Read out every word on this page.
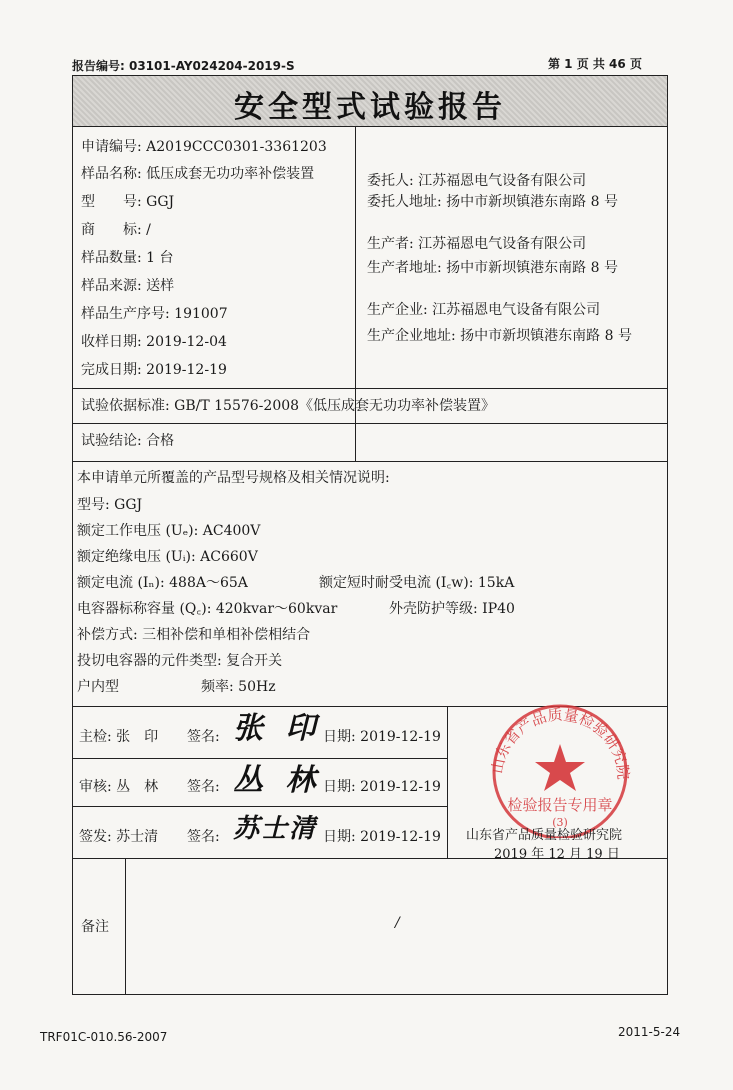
报告编号: 03101-AY024204-2019-S	第 1 页 共 46 页
安全型式试验报告
申请编号: A2019CCC0301-3361203
样品名称: 低压成套无功功率补偿装置
型　　号: GGJ
商　　标: /
样品数量: 1 台
样品来源: 送样
样品生产序号: 191007
收样日期: 2019-12-04
完成日期: 2019-12-19
委托人: 江苏福恩电气设备有限公司
委托人地址: 扬中市新坝镇港东南路 8 号
生产者: 江苏福恩电气设备有限公司
生产者地址: 扬中市新坝镇港东南路 8 号
生产企业: 江苏福恩电气设备有限公司
生产企业地址: 扬中市新坝镇港东南路 8 号
试验依据标准: GB/T 15576-2008《低压成套无功功率补偿装置》
试验结论: 合格
本申请单元所覆盖的产品型号规格及相关情况说明:
型号: GGJ
额定工作电压 (Uₑ): AC400V
额定绝缘电压 (Uᵢ): AC660V
额定电流 (Iₙ): 488A～65A	额定短时耐受电流 (I꜀w): 15kA
电容器标称容量 (Q꜀): 420kvar～60kvar	外壳防护等级: IP40
补偿方式: 三相补偿和单相补偿相结合
投切电容器的元件类型: 复合开关
户内型	频率: 50Hz
主检: 张　印 签名: 张 印 日期: 2019-12-19
审核: 丛　林 签名: 丛 林 日期: 2019-12-19
签发: 苏士清 签名: 苏士清 日期: 2019-12-19
备注	/
山东省产品质量检验研究院
检验报告专用章
(3)
山东省产品质量检验研究院
2019 年 12 月 19 日
TRF01C-010.56-2007	2011-5-24
